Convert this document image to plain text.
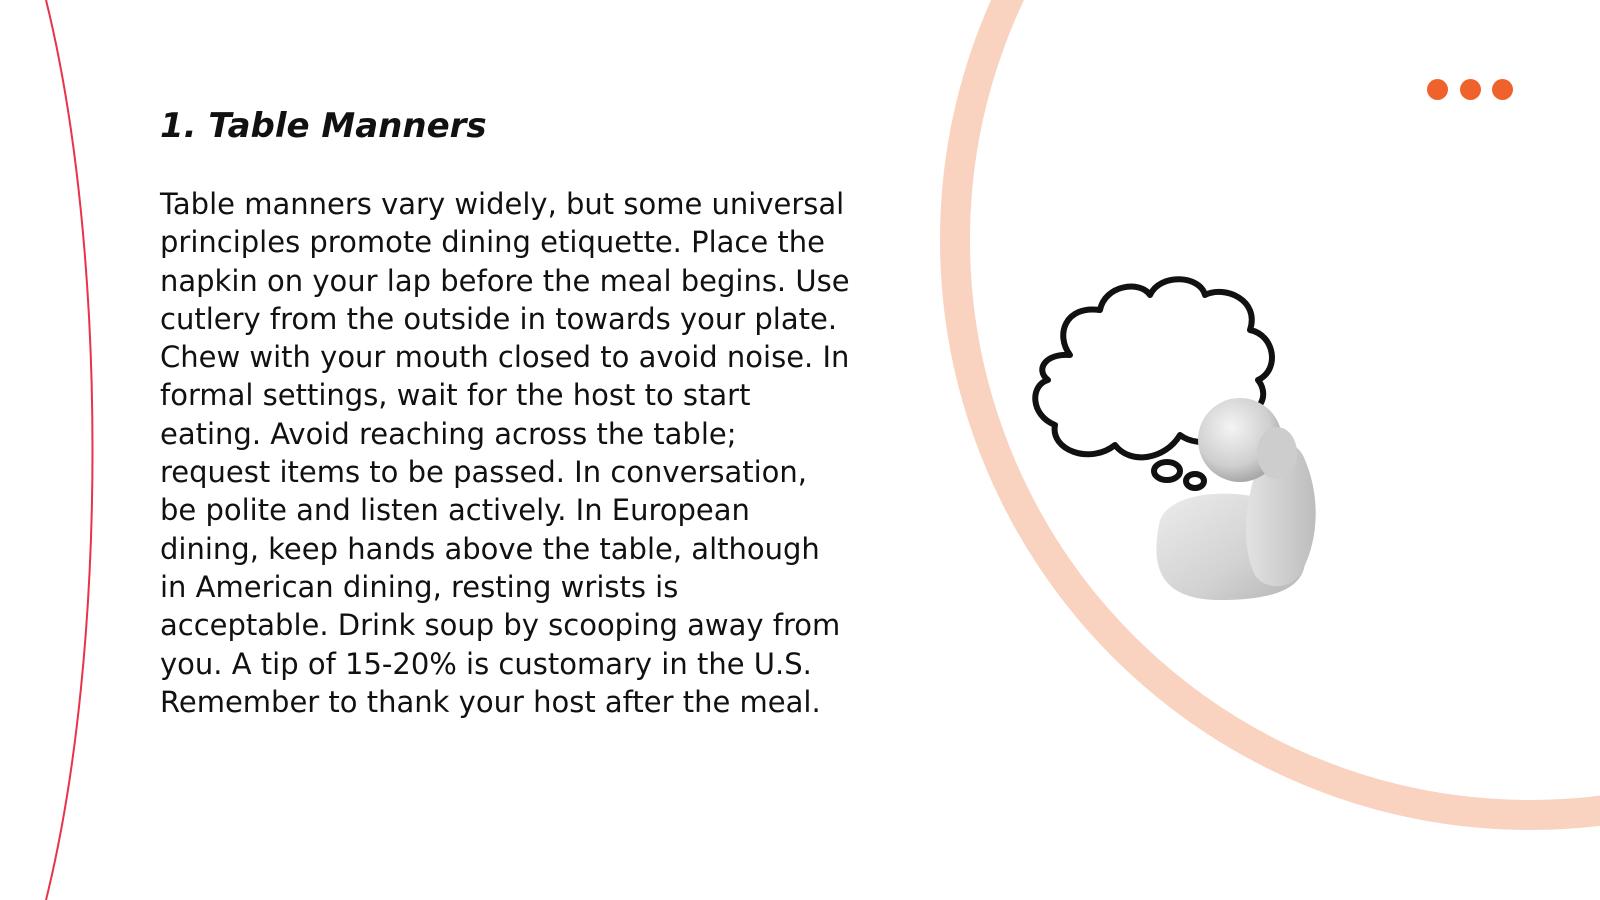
1. Table Manners

Table manners vary widely, but some universal principles promote dining etiquette. Place the napkin on your lap before the meal begins. Use cutlery from the outside in towards your plate. Chew with your mouth closed to avoid noise. In formal settings, wait for the host to start eating. Avoid reaching across the table; request items to be passed. In conversation, be polite and listen actively. In European dining, keep hands above the table, although in American dining, resting wrists is acceptable. Drink soup by scooping away from you. A tip of 15-20% is customary in the U.S. Remember to thank your host after the meal.
